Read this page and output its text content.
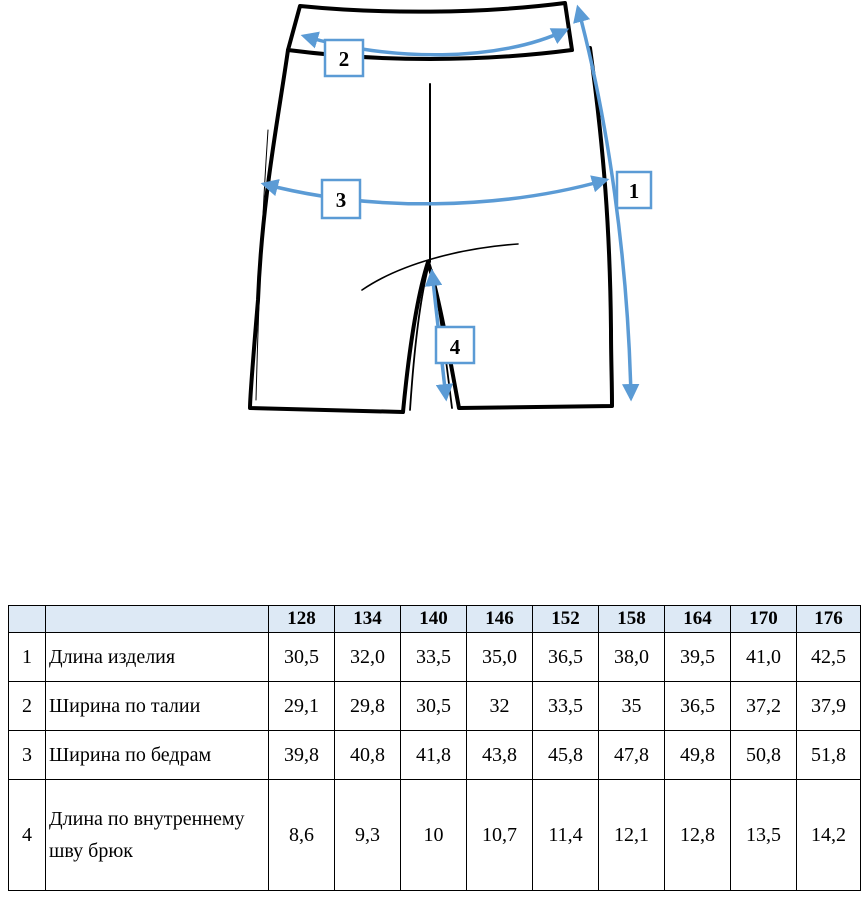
1
2
3
4
		128	134	140	146	152	158	164	170	176
1	Длина изделия	30,5	32,0	33,5	35,0	36,5	38,0	39,5	41,0	42,5
2	Ширина по талии	29,1	29,8	30,5	32	33,5	35	36,5	37,2	37,9
3	Ширина по бедрам	39,8	40,8	41,8	43,8	45,8	47,8	49,8	50,8	51,8
4	Длина по внутреннему шву брюк	8,6	9,3	10	10,7	11,4	12,1	12,8	13,5	14,2
